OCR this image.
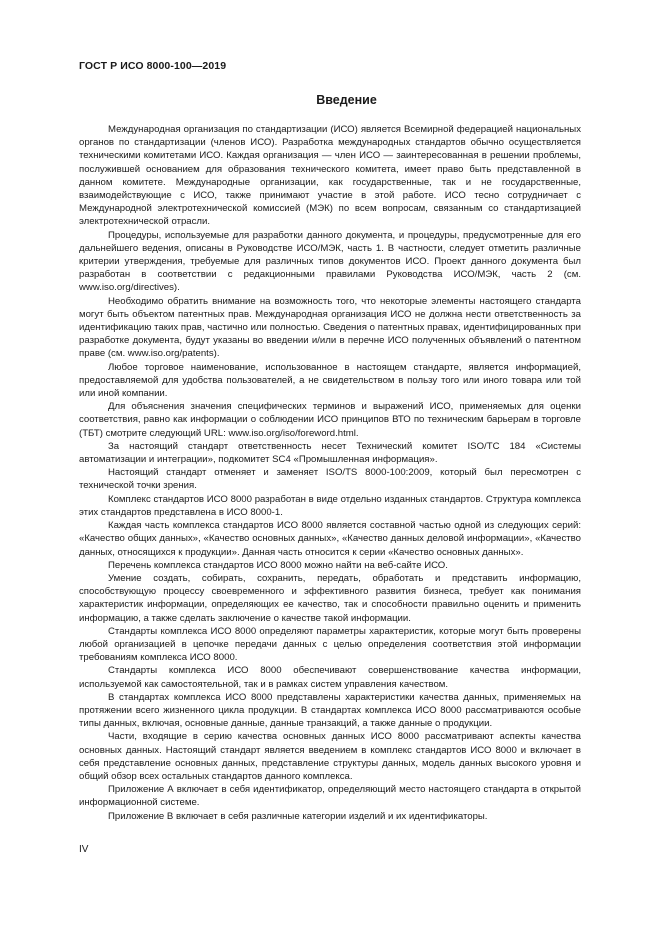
ГОСТ Р ИСО 8000-100—2019
Введение

Международная организация по стандартизации (ИСО) является Всемирной федерацией национальных органов по стандартизации (членов ИСО). Разработка международных стандартов обычно осуществляется техническими комитетами ИСО. Каждая организация — член ИСО — заинтересованная в решении проблемы, послужившей основанием для образования технического комитета, имеет право быть представленной в данном комитете. Международные организации, как государственные, так и не государственные, взаимодействующие с ИСО, также принимают участие в этой работе. ИСО тесно сотрудничает с Международной электротехнической комиссией (МЭК) по всем вопросам, связанным со стандартизацией электротехнической отрасли.

Процедуры, используемые для разработки данного документа, и процедуры, предусмотренные для его дальнейшего ведения, описаны в Руководстве ИСО/МЭК, часть 1. В частности, следует отметить различные критерии утверждения, требуемые для различных типов документов ИСО. Проект данного документа был разработан в соответствии с редакционными правилами Руководства ИСО/МЭК, часть 2 (см. www.iso.org/directives).

Необходимо обратить внимание на возможность того, что некоторые элементы настоящего стандарта могут быть объектом патентных прав. Международная организация ИСО не должна нести ответственность за идентификацию таких прав, частично или полностью. Сведения о патентных правах, идентифицированных при разработке документа, будут указаны во введении и/или в перечне ИСО полученных объявлений о патентном праве (см. www.iso.org/patents).

Любое торговое наименование, использованное в настоящем стандарте, является информацией, предоставляемой для удобства пользователей, а не свидетельством в пользу того или иного товара или той или иной компании.

Для объяснения значения специфических терминов и выражений ИСО, применяемых для оценки соответствия, равно как информации о соблюдении ИСО принципов ВТО по техническим барьерам в торговле (ТБТ) смотрите следующий URL: www.iso.org/iso/foreword.html.

За настоящий стандарт ответственность несет Технический комитет ISO/TC 184 «Системы автоматизации и интеграции», подкомитет SC4 «Промышленная информация».

Настоящий стандарт отменяет и заменяет ISO/TS 8000-100:2009, который был пересмотрен с технической точки зрения.

Комплекс стандартов ИСО 8000 разработан в виде отдельно изданных стандартов. Структура комплекса этих стандартов представлена в ИСО 8000-1.

Каждая часть комплекса стандартов ИСО 8000 является составной частью одной из следующих серий: «Качество общих данных», «Качество основных данных», «Качество данных деловой информации», «Качество данных, относящихся к продукции». Данная часть относится к серии «Качество основных данных».

Перечень комплекса стандартов ИСО 8000 можно найти на веб-сайте ИСО.

Умение создать, собирать, сохранить, передать, обработать и представить информацию, способствующую процессу своевременного и эффективного развития бизнеса, требует как понимания характеристик информации, определяющих ее качество, так и способности правильно оценить и применить информацию, а также сделать заключение о качестве такой информации.

Стандарты комплекса ИСО 8000 определяют параметры характеристик, которые могут быть проверены любой организацией в цепочке передачи данных с целью определения соответствия этой информации требованиям комплекса ИСО 8000.

Стандарты комплекса ИСО 8000 обеспечивают совершенствование качества информации, используемой как самостоятельной, так и в рамках систем управления качеством.

В стандартах комплекса ИСО 8000 представлены характеристики качества данных, применяемых на протяжении всего жизненного цикла продукции. В стандартах комплекса ИСО 8000 рассматриваются особые типы данных, включая, основные данные, данные транзакций, а также данные о продукции.

Части, входящие в серию качества основных данных ИСО 8000 рассматривают аспекты качества основных данных. Настоящий стандарт является введением в комплекс стандартов ИСО 8000 и включает в себя представление основных данных, представление структуры данных, модель данных высокого уровня и общий обзор всех остальных стандартов данного комплекса.

Приложение А включает в себя идентификатор, определяющий место настоящего стандарта в открытой информационной системе.

Приложение В включает в себя различные категории изделий и их идентификаторы.

IV
